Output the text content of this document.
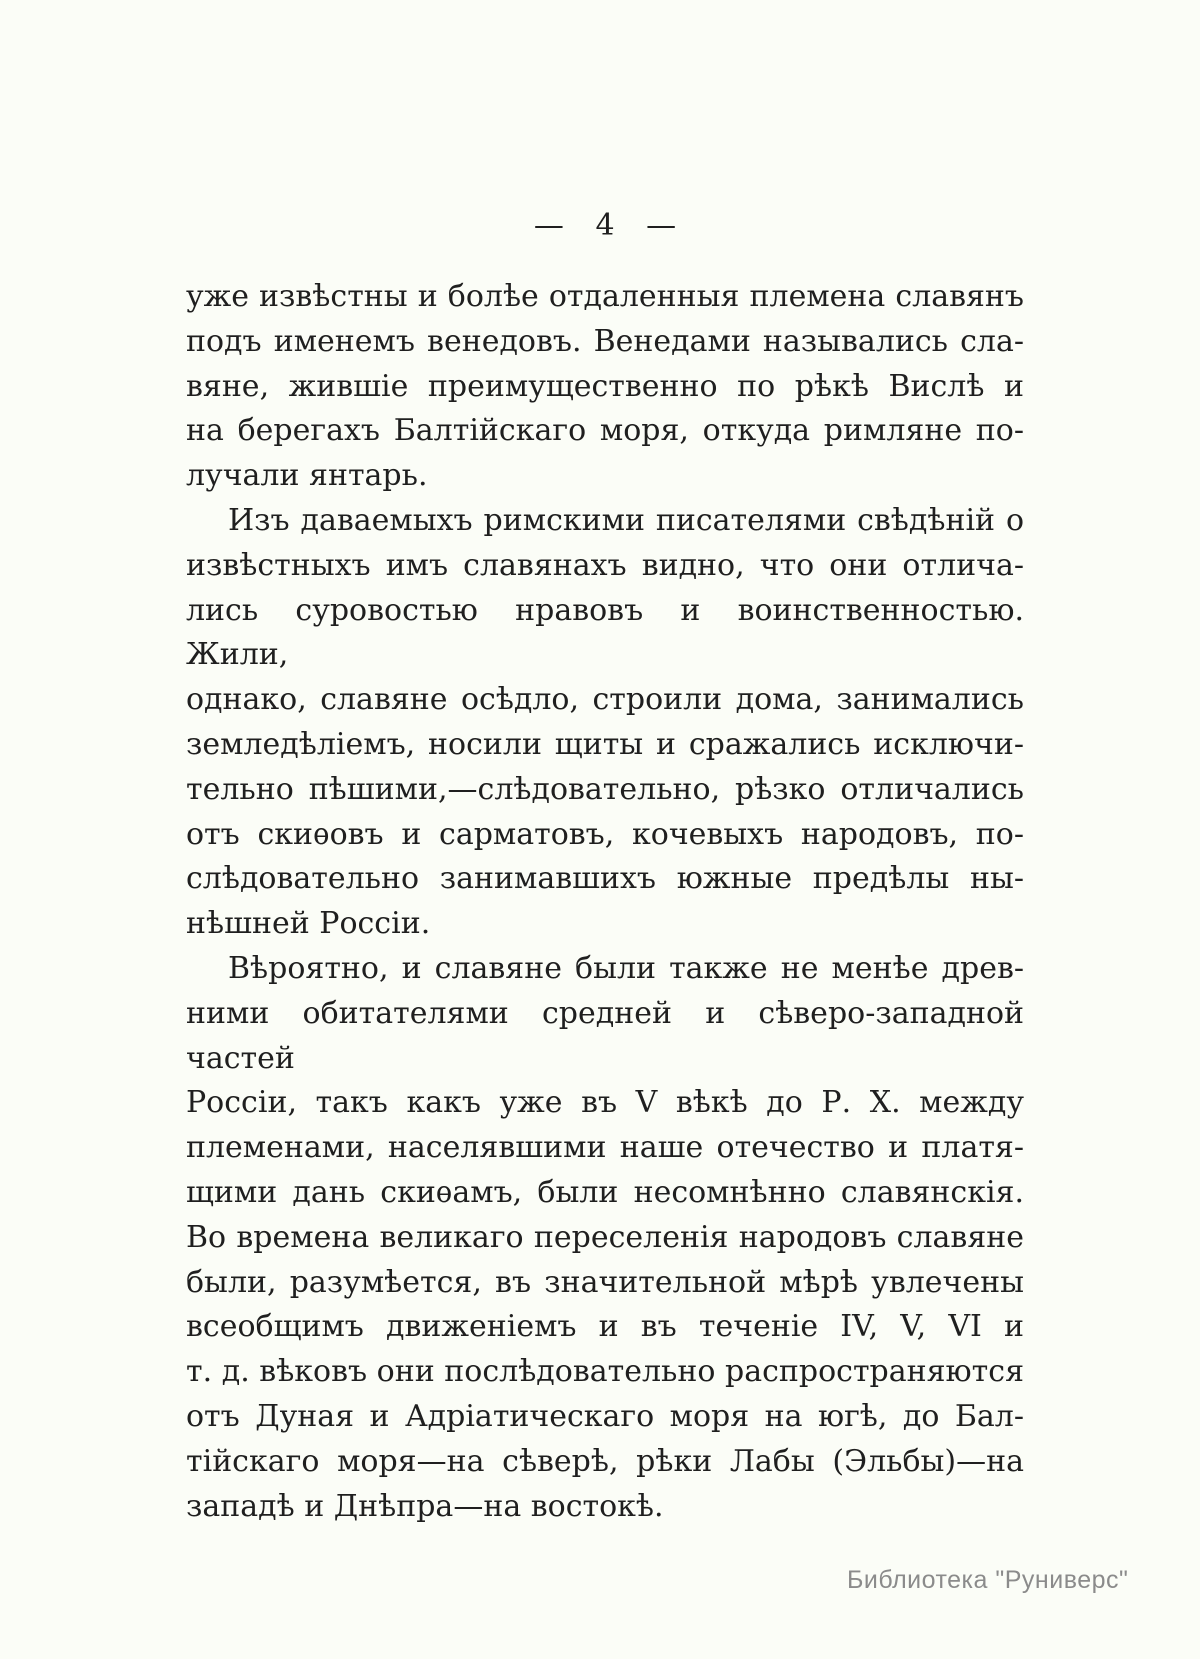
— 4 —
уже извѣстны и болѣе отдаленныя племена славянъ
подъ именемъ венедовъ. Венедами назывались сла-
вяне, жившіе преимущественно по рѣкѣ Вислѣ и
на берегахъ Балтійскаго моря, откуда римляне по-
лучали янтарь.
Изъ даваемыхъ римскими писателями свѣдѣній о
извѣстныхъ имъ славянахъ видно, что они отлича-
лись суровостью нравовъ и воинственностью. Жили,
однако, славяне осѣдло, строили дома, занимались
земледѣліемъ, носили щиты и сражались исключи-
тельно пѣшими,—слѣдовательно, рѣзко отличались
отъ скиѳовъ и сарматовъ, кочевыхъ народовъ, по-
слѣдовательно занимавшихъ южные предѣлы ны-
нѣшней Россіи.
Вѣроятно, и славяне были также не менѣе древ-
ними обитателями средней и сѣверо-западной частей
Россіи, такъ какъ уже въ V вѣкѣ до Р. Х. между
племенами, населявшими наше отечество и платя-
щими дань скиѳамъ, были несомнѣнно славянскія.
Во времена великаго переселенія народовъ славяне
были, разумѣется, въ значительной мѣрѣ увлечены
всеобщимъ движеніемъ и въ теченіе IV, V, VI и
т. д. вѣковъ они послѣдовательно распространяются
отъ Дуная и Адріатическаго моря на югѣ, до Бал-
тійскаго моря—на сѣверѣ, рѣки Лабы (Эльбы)—на
западѣ и Днѣпра—на востокѣ.
Библиотека "Руниверс"
